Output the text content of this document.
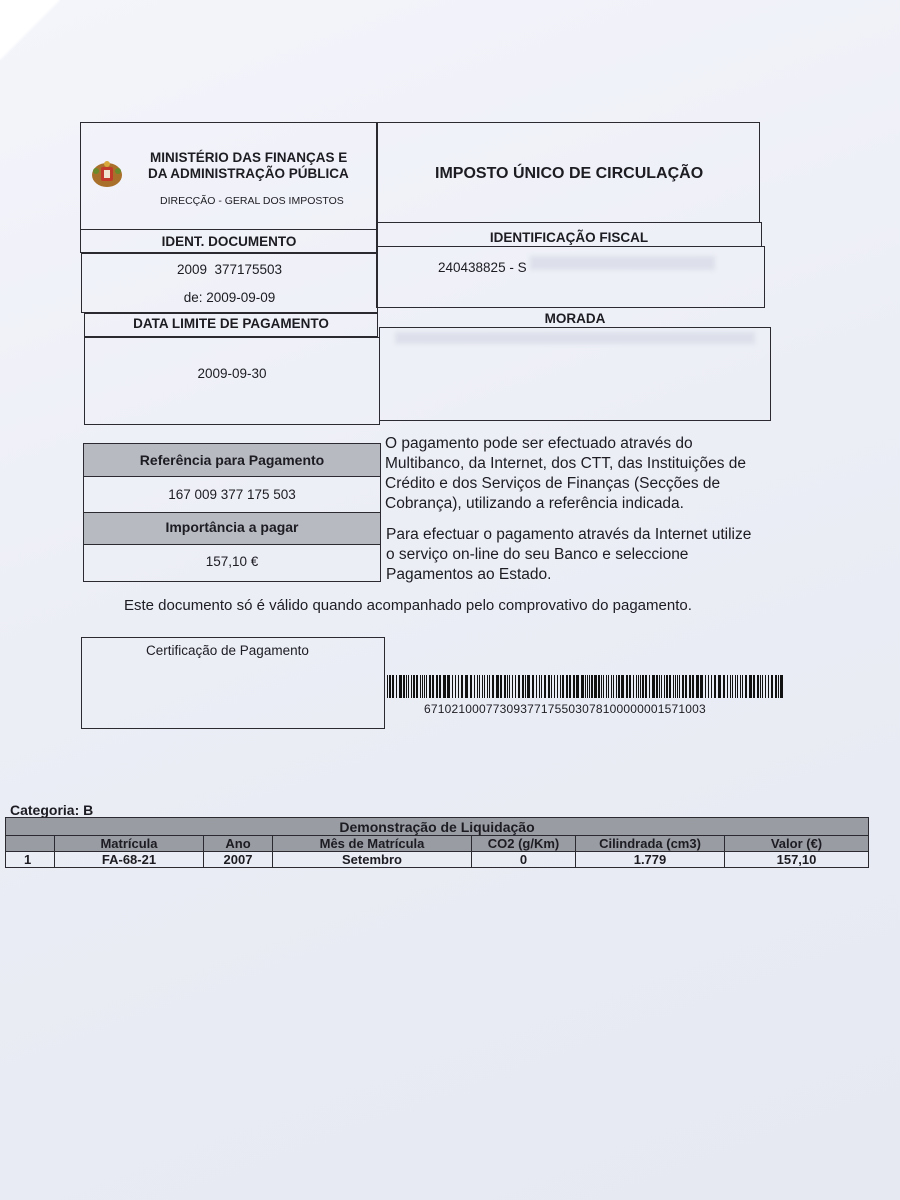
MINISTÉRIO DAS FINANÇAS E
DA ADMINISTRAÇÃO PÚBLICA
DIRECÇÃO - GERAL DOS IMPOSTOS
IMPOSTO ÚNICO DE CIRCULAÇÃO
IDENT. DOCUMENTO	IDENTIFICAÇÃO FISCAL
2009  377175503
de: 2009-09-09
240438825 - S
DATA LIMITE DE PAGAMENTO	MORADA
2009-09-30
Referência para Pagamento
167 009 377 175 503
Importância a pagar
157,10 €
O pagamento pode ser efectuado através do
Multibanco, da Internet, dos CTT, das Instituições de
Crédito e dos Serviços de Finanças (Secções de
Cobrança), utilizando a referência indicada.
Para efectuar o pagamento através da Internet utilize
o serviço on-line do seu Banco e seleccione
Pagamentos ao Estado.
Este documento só é válido quando acompanhado pelo comprovativo do pagamento.
Certificação de Pagamento
67102100077309377175503078100000001571003
Categoria: B
Demonstração de Liquidação						
	Matrícula	Ano	Mês de Matrícula	CO2 (g/Km)	Cilindrada (cm3)	Valor (€)
1	FA-68-21	2007	Setembro	0	1.779	157,10
